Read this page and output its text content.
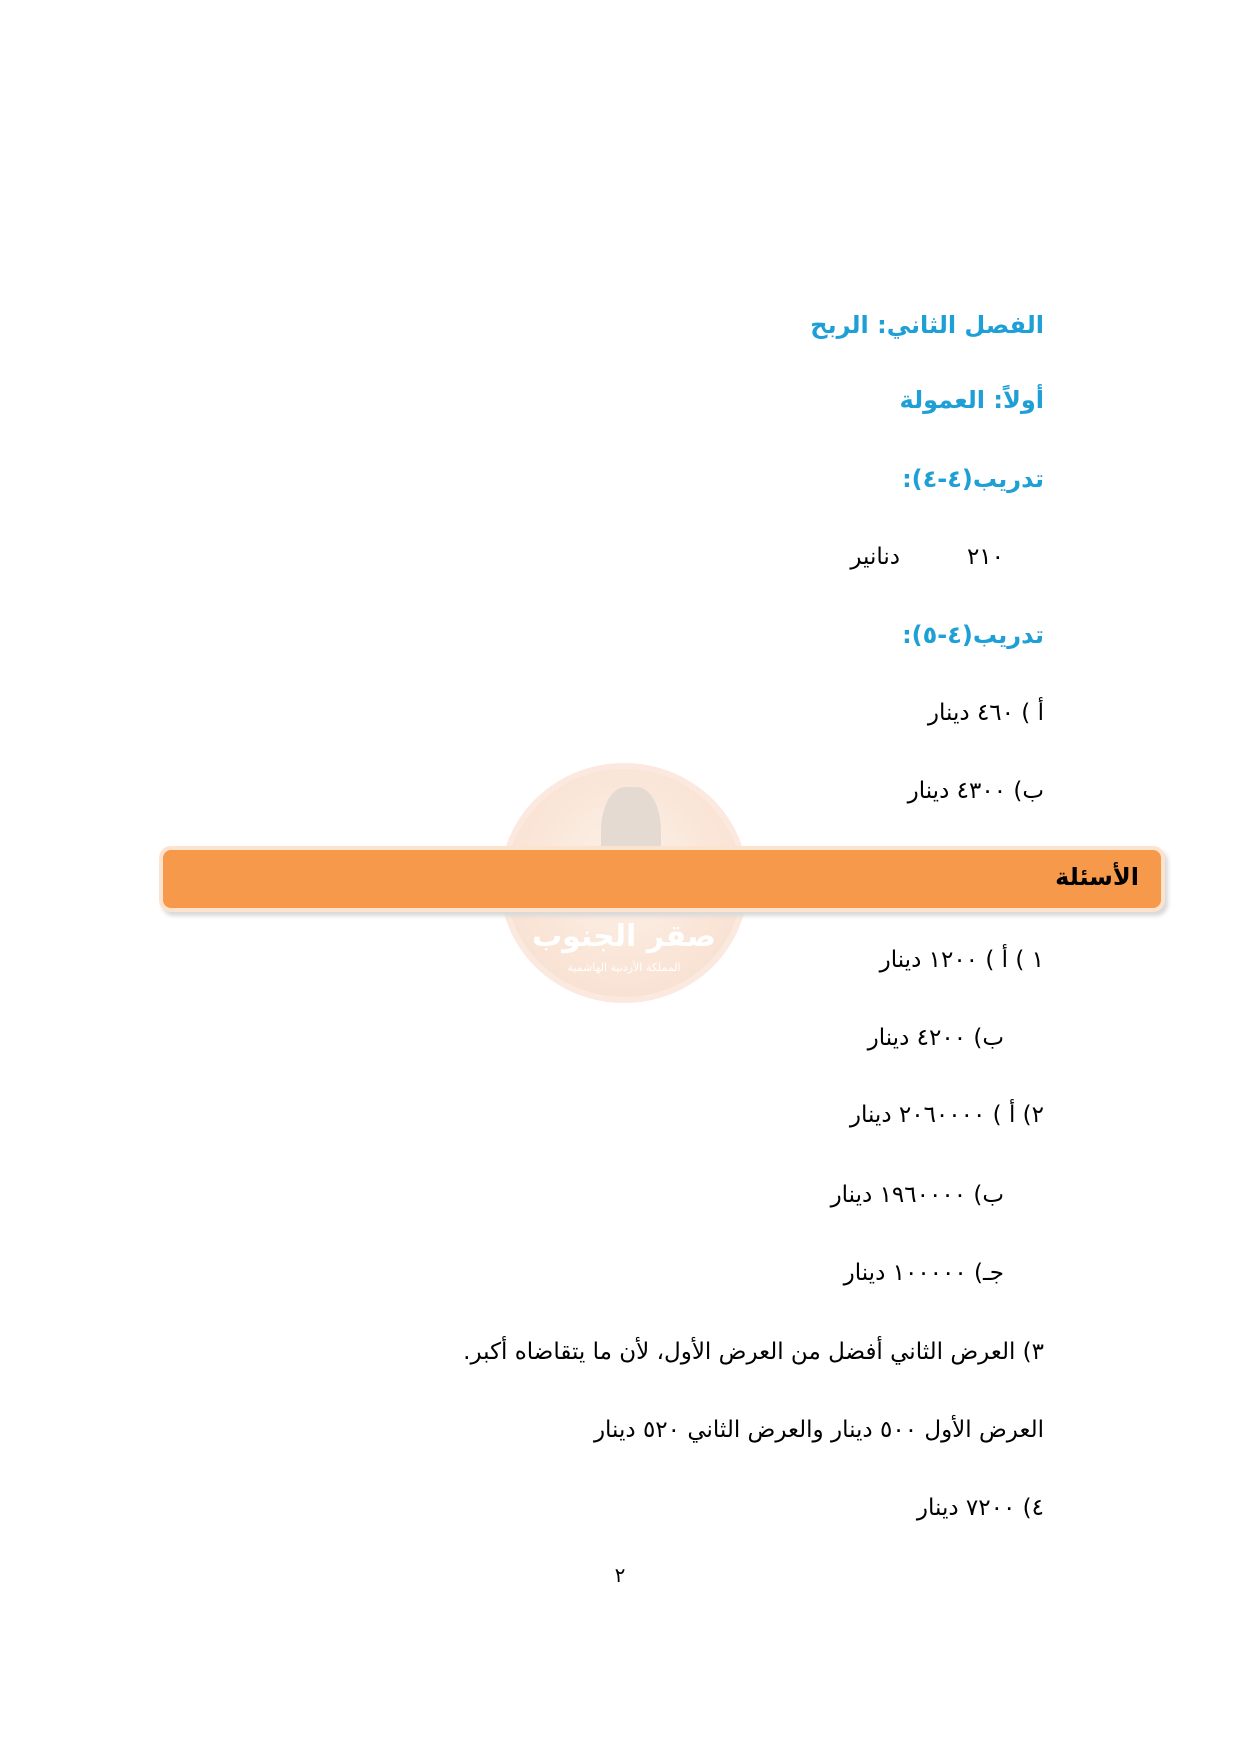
صقر الجنوب
المملكة الأردنية الهاشمية
الفصل الثاني: الربح
أولاً: العمولة
تدريب(٤-٤):
٢١٠
دنانير
تدريب(٤-٥):
أ ) ٤٦٠ دينار
ب) ٤٣٠٠ دينار
الأسئلة
١ ) أ ) ١٢٠٠ دينار
ب) ٤٢٠٠ دينار
٢) أ ) ٢٠٦٠٠٠٠ دينار
ب) ١٩٦٠٠٠٠ دينار
جـ) ١٠٠٠٠٠ دينار
٣) العرض الثاني أفضل من العرض الأول، لأن ما يتقاضاه أكبر.
العرض الأول ٥٠٠ دينار والعرض الثاني ٥٢٠ دينار
٤) ٧٢٠٠ دينار
٢
